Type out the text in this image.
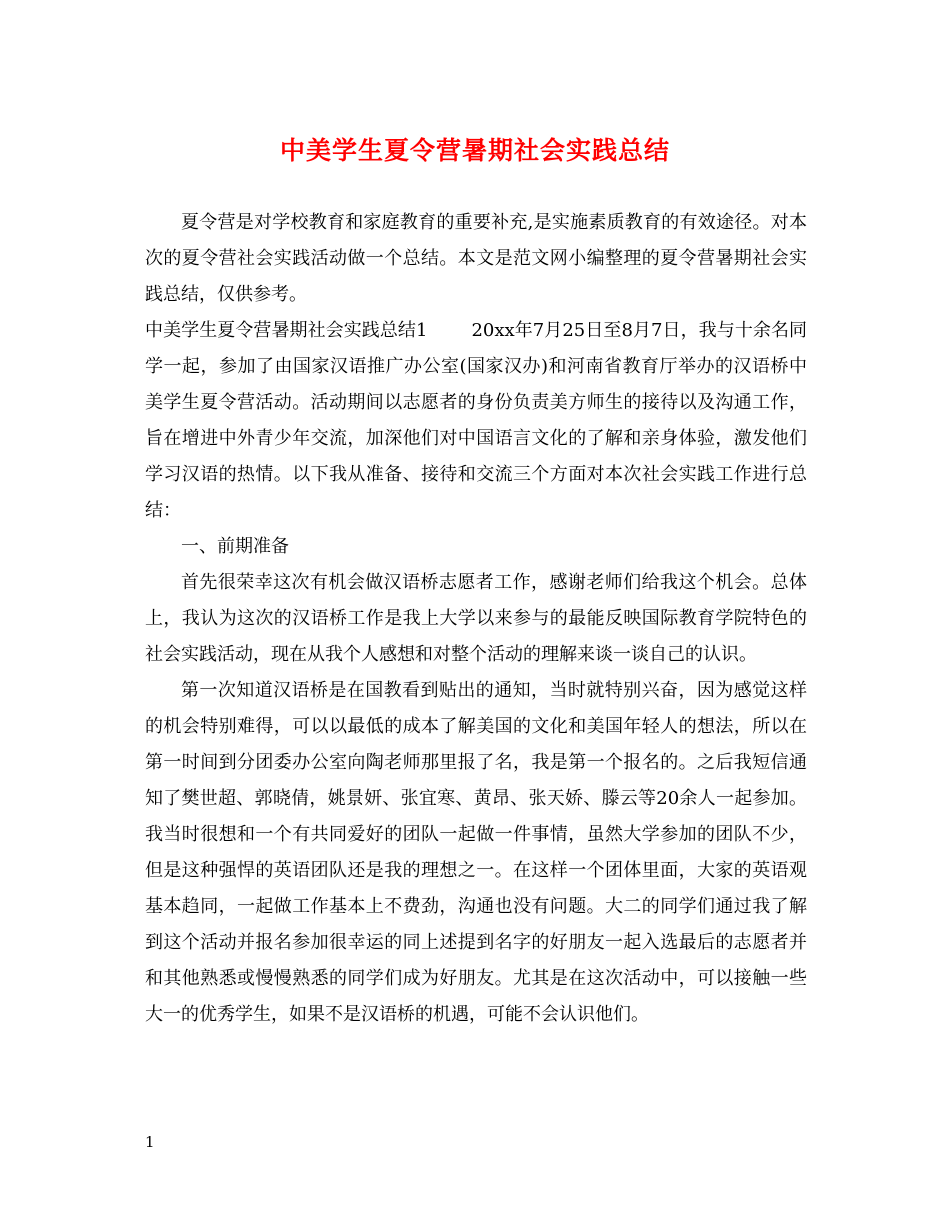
中美学生夏令营暑期社会实践总结

夏令营是对学校教育和家庭教育的重要补充,是实施素质教育的有效途径。对本次的夏令营社会实践活动做一个总结。本文是范文网小编整理的夏令营暑期社会实践总结，仅供参考。

中美学生夏令营暑期社会实践总结1 20xx年7月25日至8月7日，我与十余名同学一起，参加了由国家汉语推广办公室(国家汉办)和河南省教育厅举办的汉语桥中美学生夏令营活动。活动期间以志愿者的身份负责美方师生的接待以及沟通工作，旨在增进中外青少年交流，加深他们对中国语言文化的了解和亲身体验，激发他们学习汉语的热情。以下我从准备、接待和交流三个方面对本次社会实践工作进行总结：

一、前期准备

首先很荣幸这次有机会做汉语桥志愿者工作，感谢老师们给我这个机会。总体上，我认为这次的汉语桥工作是我上大学以来参与的最能反映国际教育学院特色的社会实践活动，现在从我个人感想和对整个活动的理解来谈一谈自己的认识。

第一次知道汉语桥是在国教看到贴出的通知，当时就特别兴奋，因为感觉这样的机会特别难得，可以以最低的成本了解美国的文化和美国年轻人的想法，所以在第一时间到分团委办公室向陶老师那里报了名，我是第一个报名的。之后我短信通知了樊世超、郭晓倩，姚景妍、张宜寒、黄昂、张天娇、滕云等20余人一起参加。我当时很想和一个有共同爱好的团队一起做一件事情，虽然大学参加的团队不少，但是这种强悍的英语团队还是我的理想之一。在这样一个团体里面，大家的英语观基本趋同，一起做工作基本上不费劲，沟通也没有问题。大二的同学们通过我了解到这个活动并报名参加很幸运的同上述提到名字的好朋友一起入选最后的志愿者并和其他熟悉或慢慢熟悉的同学们成为好朋友。尤其是在这次活动中，可以接触一些大一的优秀学生，如果不是汉语桥的机遇，可能不会认识他们。

1
